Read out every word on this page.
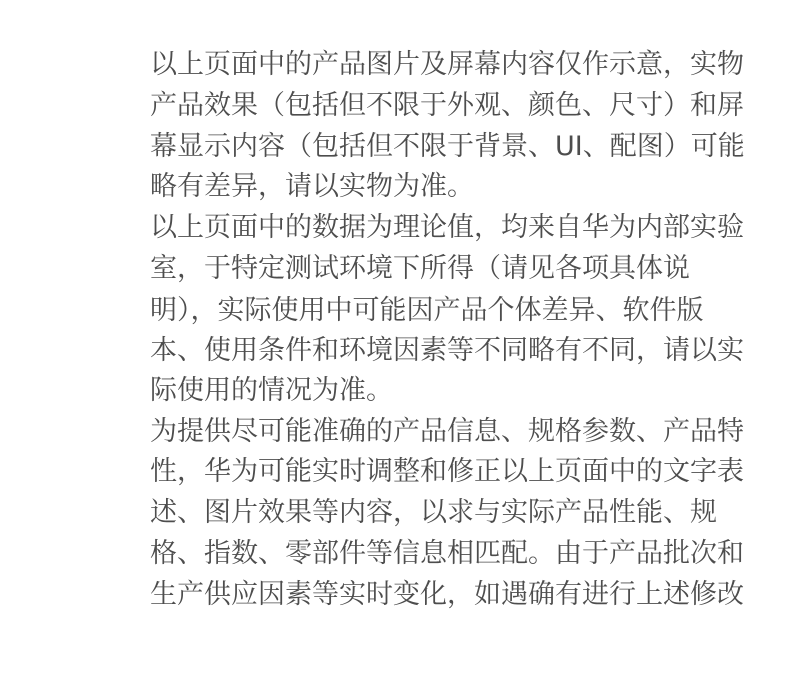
以上页面中的产品图片及屏幕内容仅作示意，实物
产品效果（包括但不限于外观、颜色、尺寸）和屏
幕显示内容（包括但不限于背景、UI、配图）可能
略有差异，请以实物为准。
以上页面中的数据为理论值，均来自华为内部实验
室，于特定测试环境下所得（请见各项具体说
明），实际使用中可能因产品个体差异、软件版
本、使用条件和环境因素等不同略有不同，请以实
际使用的情况为准。
为提供尽可能准确的产品信息、规格参数、产品特
性，华为可能实时调整和修正以上页面中的文字表
述、图片效果等内容，以求与实际产品性能、规
格、指数、零部件等信息相匹配。由于产品批次和
生产供应因素等实时变化，如遇确有进行上述修改
